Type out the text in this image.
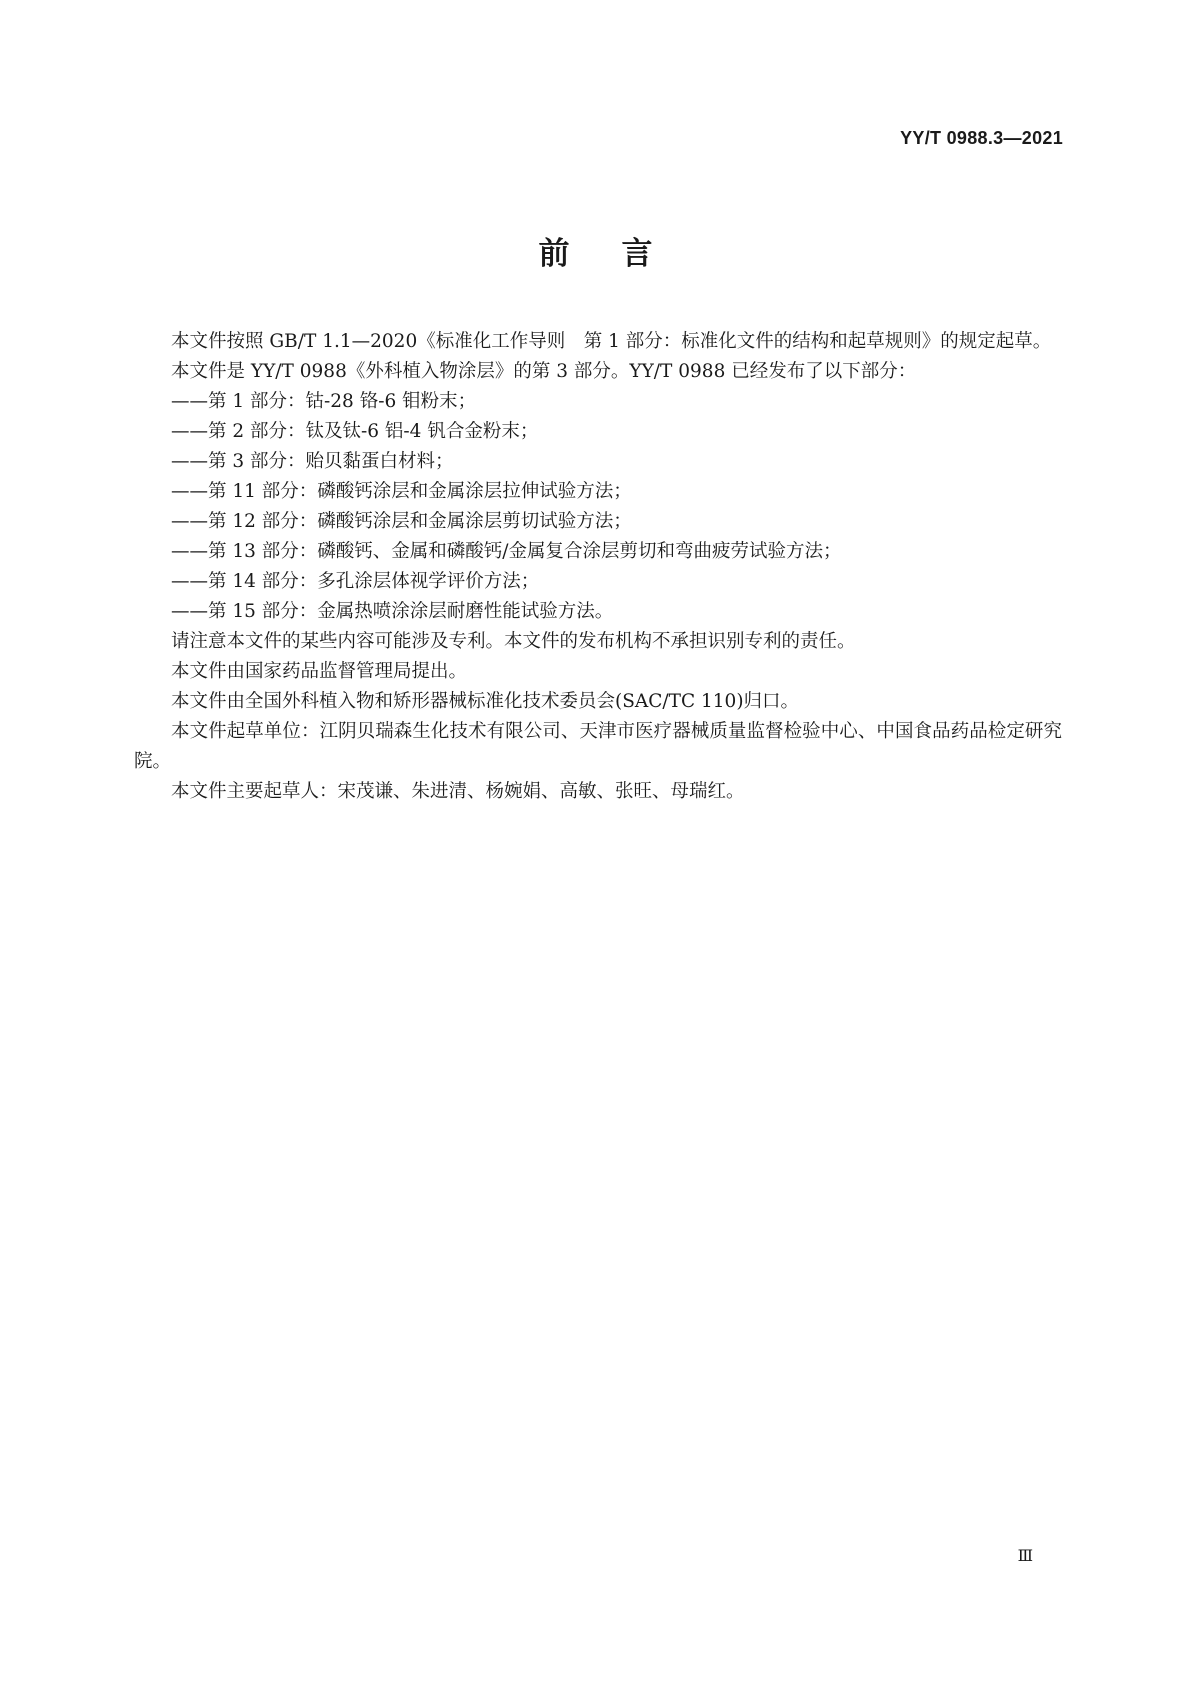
YY/T 0988.3—2021
前言

本文件按照 GB/T 1.1—2020《标准化工作导则　第 1 部分：标准化文件的结构和起草规则》的规定起草。

本文件是 YY/T 0988《外科植入物涂层》的第 3 部分。YY/T 0988 已经发布了以下部分：

——第 1 部分：钴-28 铬-6 钼粉末；
——第 2 部分：钛及钛-6 铝-4 钒合金粉末；
——第 3 部分：贻贝黏蛋白材料；
——第 11 部分：磷酸钙涂层和金属涂层拉伸试验方法；
——第 12 部分：磷酸钙涂层和金属涂层剪切试验方法；
——第 13 部分：磷酸钙、金属和磷酸钙/金属复合涂层剪切和弯曲疲劳试验方法；
——第 14 部分：多孔涂层体视学评价方法；
——第 15 部分：金属热喷涂涂层耐磨性能试验方法。

请注意本文件的某些内容可能涉及专利。本文件的发布机构不承担识别专利的责任。

本文件由国家药品监督管理局提出。

本文件由全国外科植入物和矫形器械标准化技术委员会(SAC/TC 110)归口。

本文件起草单位：江阴贝瑞森生化技术有限公司、天津市医疗器械质量监督检验中心、中国食品药品检定研究院。

本文件主要起草人：宋茂谦、朱进清、杨婉娟、高敏、张旺、母瑞红。

Ⅲ
